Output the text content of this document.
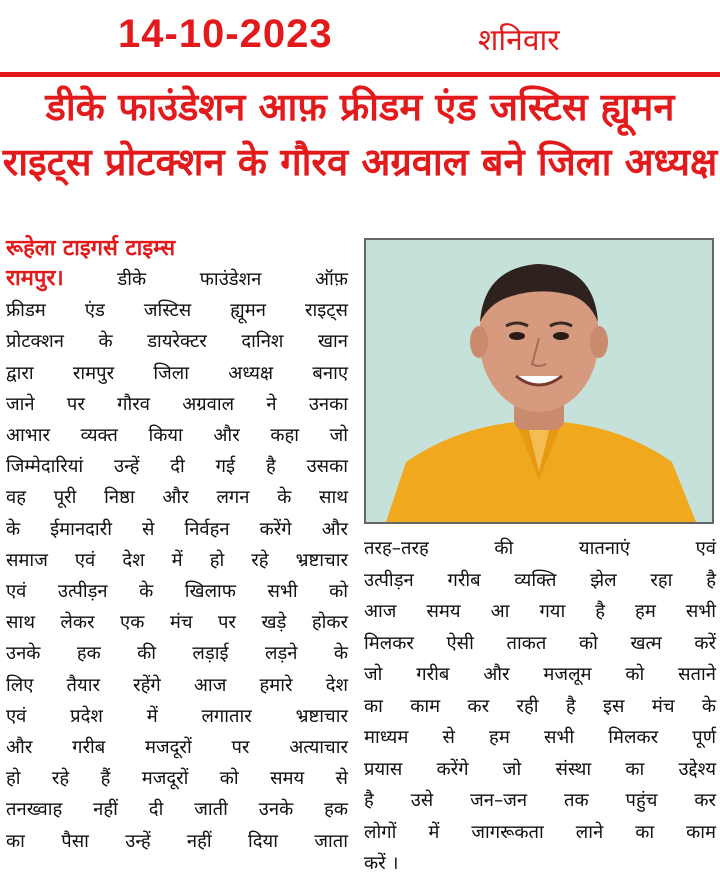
14-10-2023	शनिवार
डीके फाउंडेशन आफ़ फ्रीडम एंड जस्टिस ह्यूमन
राइट्स प्रोटक्शन के गौरव अग्रवाल बने जिला अध्यक्ष
रूहेला टाइगर्स टाइम्स
रामपुर। डीके फाउंडेशन ऑफ़
फ्रीडम एंड जस्टिस ह्यूमन राइट्स
प्रोटक्शन के डायरेक्टर दानिश खान
द्वारा रामपुर जिला अध्यक्ष बनाए
जाने पर गौरव अग्रवाल ने उनका
आभार व्यक्त किया और कहा जो
जिम्मेदारियां उन्हें दी गई है उसका
वह पूरी निष्ठा और लगन के साथ
के ईमानदारी से निर्वहन करेंगे और
समाज एवं देश में हो रहे भ्रष्टाचार
एवं उत्पीड़न के खिलाफ सभी को
साथ लेकर एक मंच पर खड़े होकर
उनके हक की लड़ाई लड़ने के
लिए तैयार रहेंगे आज हमारे देश
एवं प्रदेश में लगातार भ्रष्टाचार
और गरीब मजदूरों पर अत्याचार
हो रहे हैं मजदूरों को समय से
तनख्वाह नहीं दी जाती उनके हक
का पैसा उन्हें नहीं दिया जाता
तरह–तरह की यातनाएं एवं
उत्पीड़न गरीब व्यक्ति झेल रहा है
आज समय आ गया है हम सभी
मिलकर ऐसी ताकत को खत्म करें
जो गरीब और मजलूम को सताने
का काम कर रही है इस मंच के
माध्यम से हम सभी मिलकर पूर्ण
प्रयास करेंगे जो संस्था का उद्देश्य
है उसे जन–जन तक पहुंच कर
लोगों में जागरूकता लाने का काम
करें ।
